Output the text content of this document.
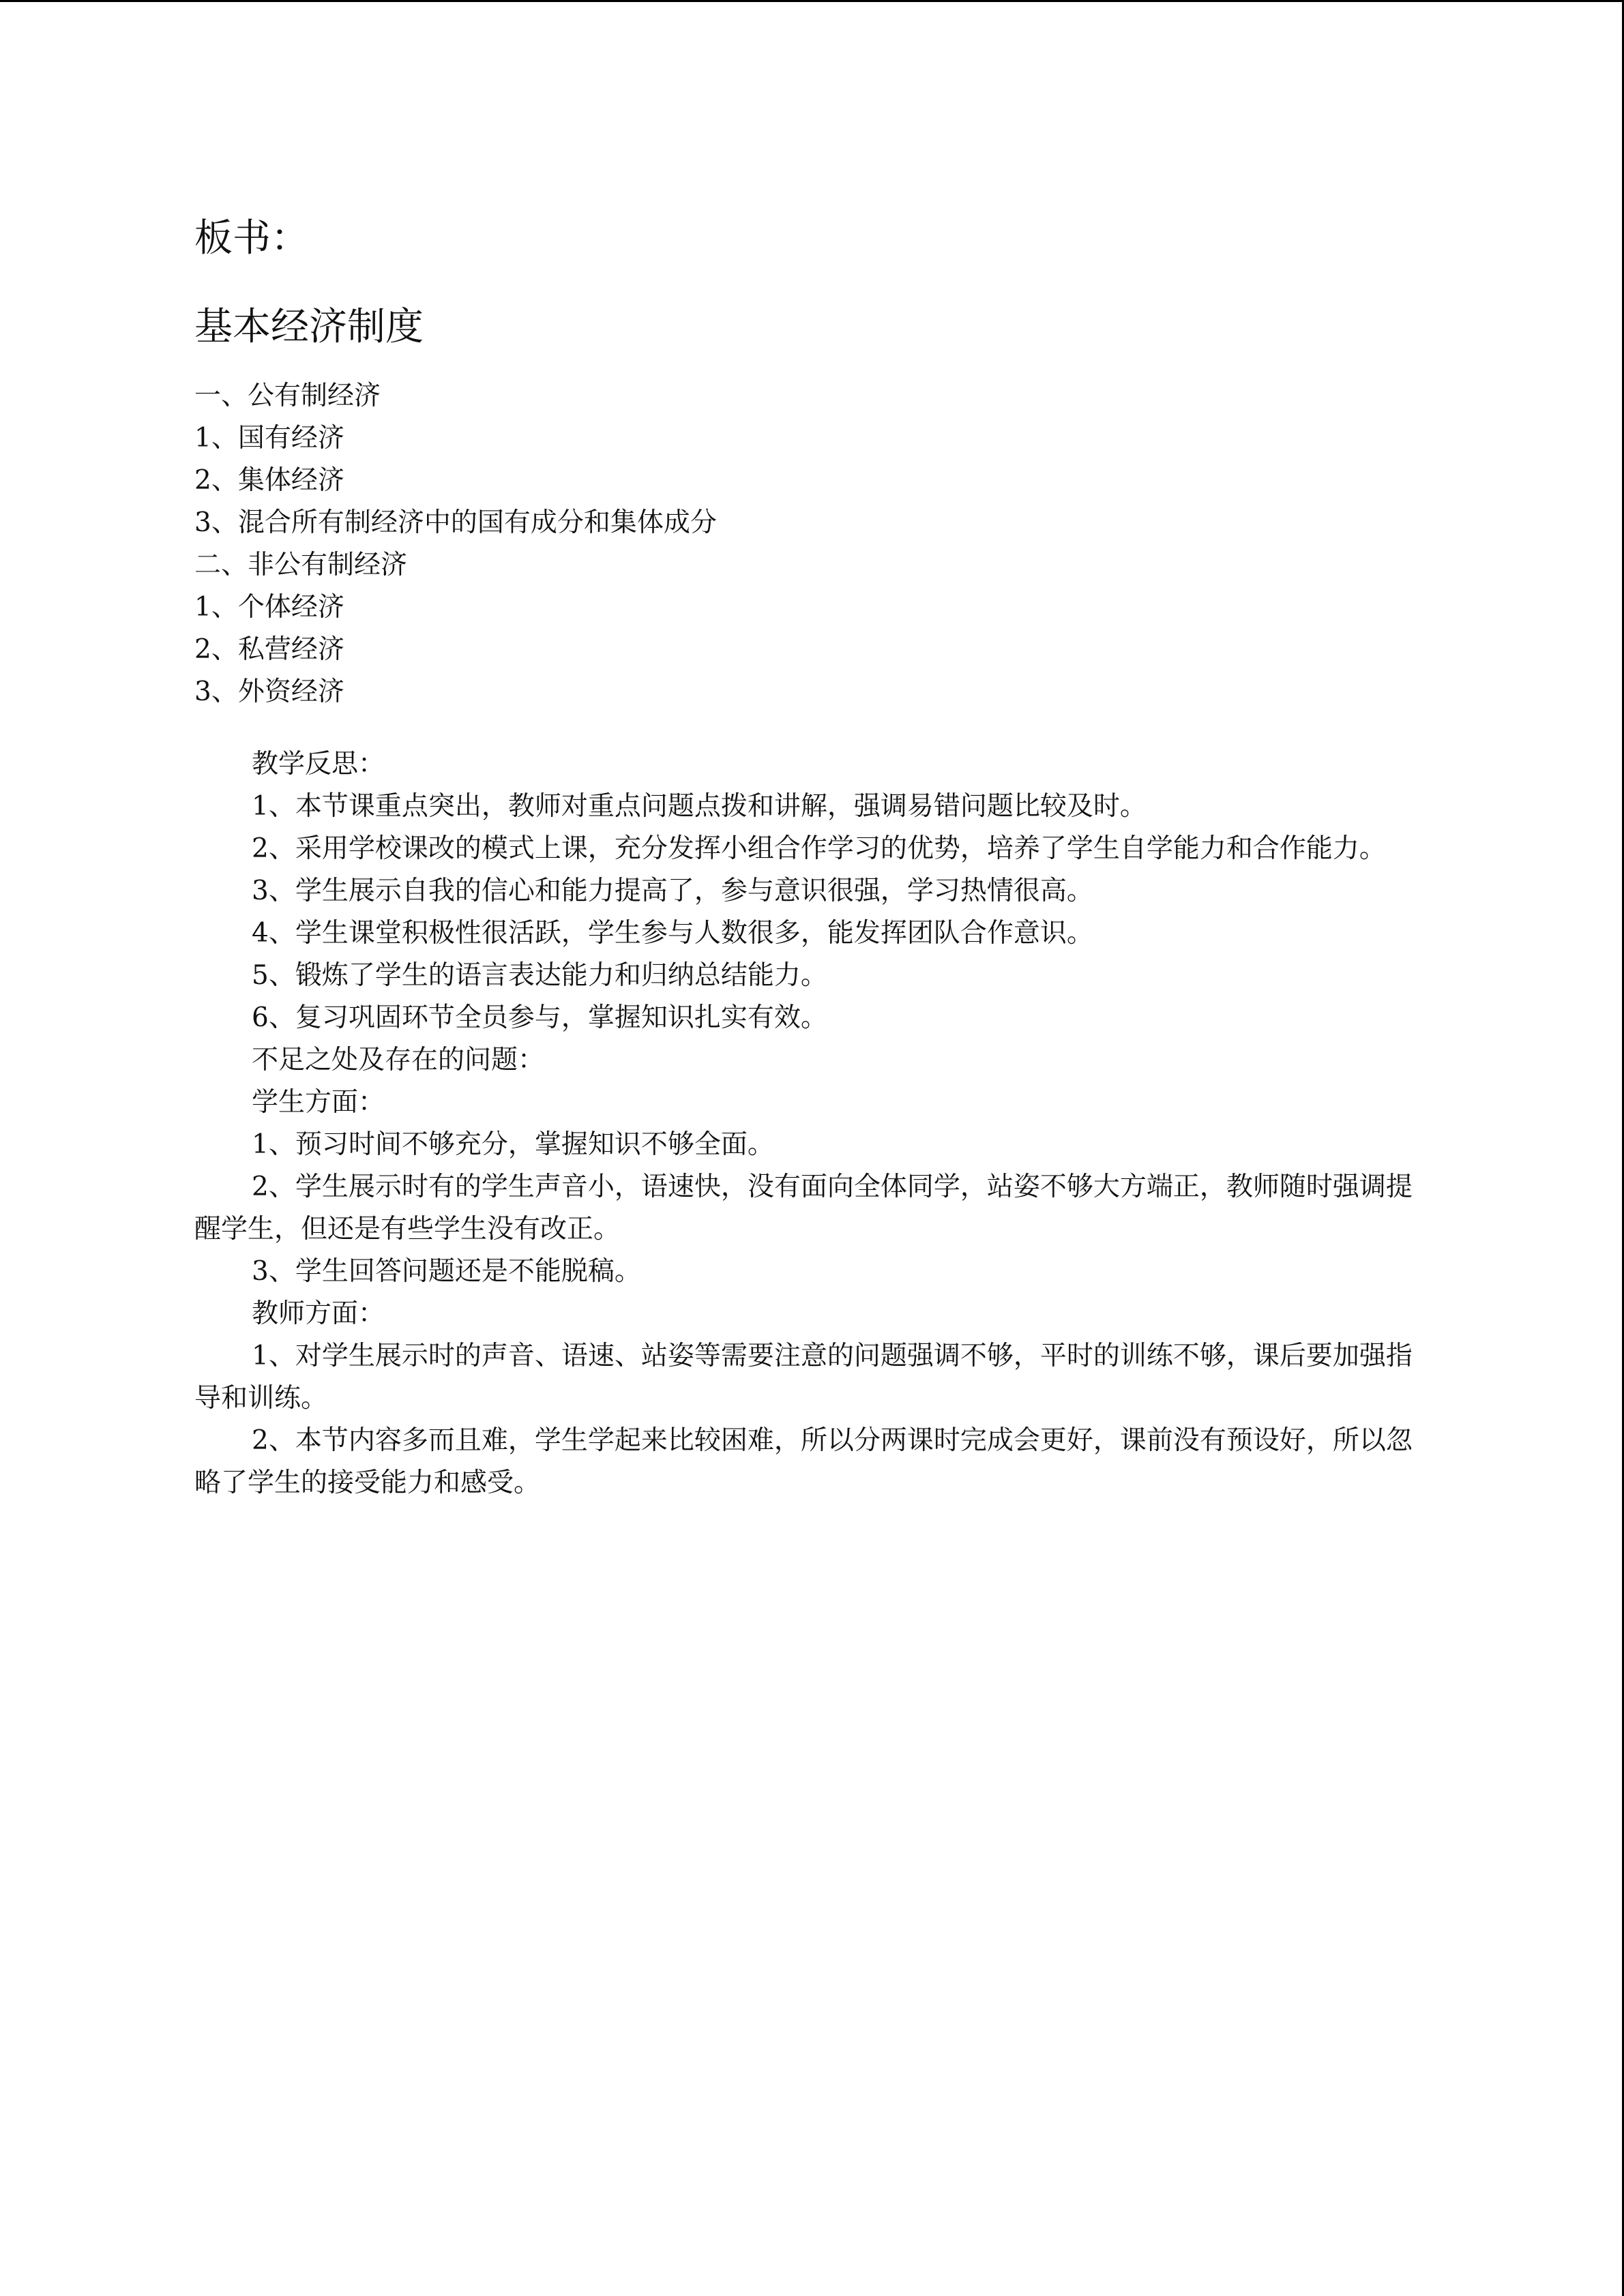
板书：
基本经济制度
一、公有制经济
1、国有经济
2、集体经济
3、混合所有制经济中的国有成分和集体成分
二、非公有制经济
1、个体经济
2、私营经济
3、外资经济

教学反思：

1、本节课重点突出，教师对重点问题点拨和讲解，强调易错问题比较及时。

2、采用学校课改的模式上课，充分发挥小组合作学习的优势，培养了学生自学能力和合作能力。

3、学生展示自我的信心和能力提高了，参与意识很强，学习热情很高。

4、学生课堂积极性很活跃，学生参与人数很多，能发挥团队合作意识。

5、锻炼了学生的语言表达能力和归纳总结能力。

6、复习巩固环节全员参与，掌握知识扎实有效。

不足之处及存在的问题：

学生方面：

1、预习时间不够充分，掌握知识不够全面。

2、学生展示时有的学生声音小，语速快，没有面向全体同学，站姿不够大方端正，教师随时强调提醒学生，但还是有些学生没有改正。

3、学生回答问题还是不能脱稿。

教师方面：

1、对学生展示时的声音、语速、站姿等需要注意的问题强调不够，平时的训练不够，课后要加强指导和训练。

2、本节内容多而且难，学生学起来比较困难，所以分两课时完成会更好，课前没有预设好，所以忽略了学生的接受能力和感受。
